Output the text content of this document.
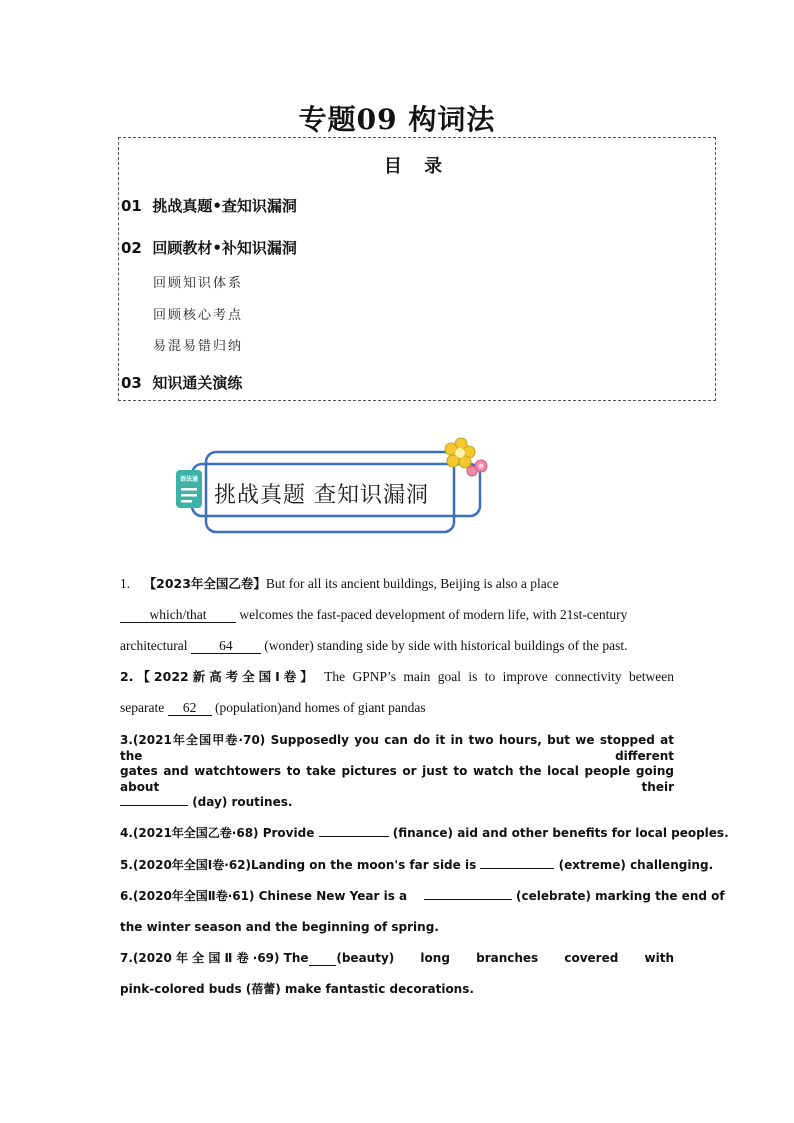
专题09 构词法
目 录
01 挑战真题•查知识漏洞
02 回顾教材•补知识漏洞
回顾知识体系
回顾核心考点
易混易错归纳
03 知识通关演练
语法通
挑战真题 查知识漏洞
1. 【2023年全国乙卷】But for all its ancient buildings, Beijing is also a place
which/that welcomes the fast-paced development of modern life, with 21st-century
architectural 64 (wonder) standing side by side with historical buildings of the past.
2.【2022新高考全国I卷】 The GPNP’s main goal is to improve connectivity between
separate 62 (population)and homes of giant pandas
3.(2021年全国甲卷·70) Supposedly you can do it in two hours, but we stopped at the different
gates and watchtowers to take pictures or just to watch the local people going about their
(day) routines.
4.(2021年全国乙卷·68) Provide	(finance) aid and other benefits for local peoples.
5.(2020年全国Ⅰ卷·62)Landing on the moon's far side is	(extreme) challenging.
6.(2020年全国Ⅱ卷·61) Chinese New Year is a	(celebrate) marking the end of
the winter season and the beginning of spring.
7.(2020 年 全 国 Ⅱ 卷 ·69) The (beauty) long branches covered with
pink-colored buds (蓓蕾) make fantastic decorations.
